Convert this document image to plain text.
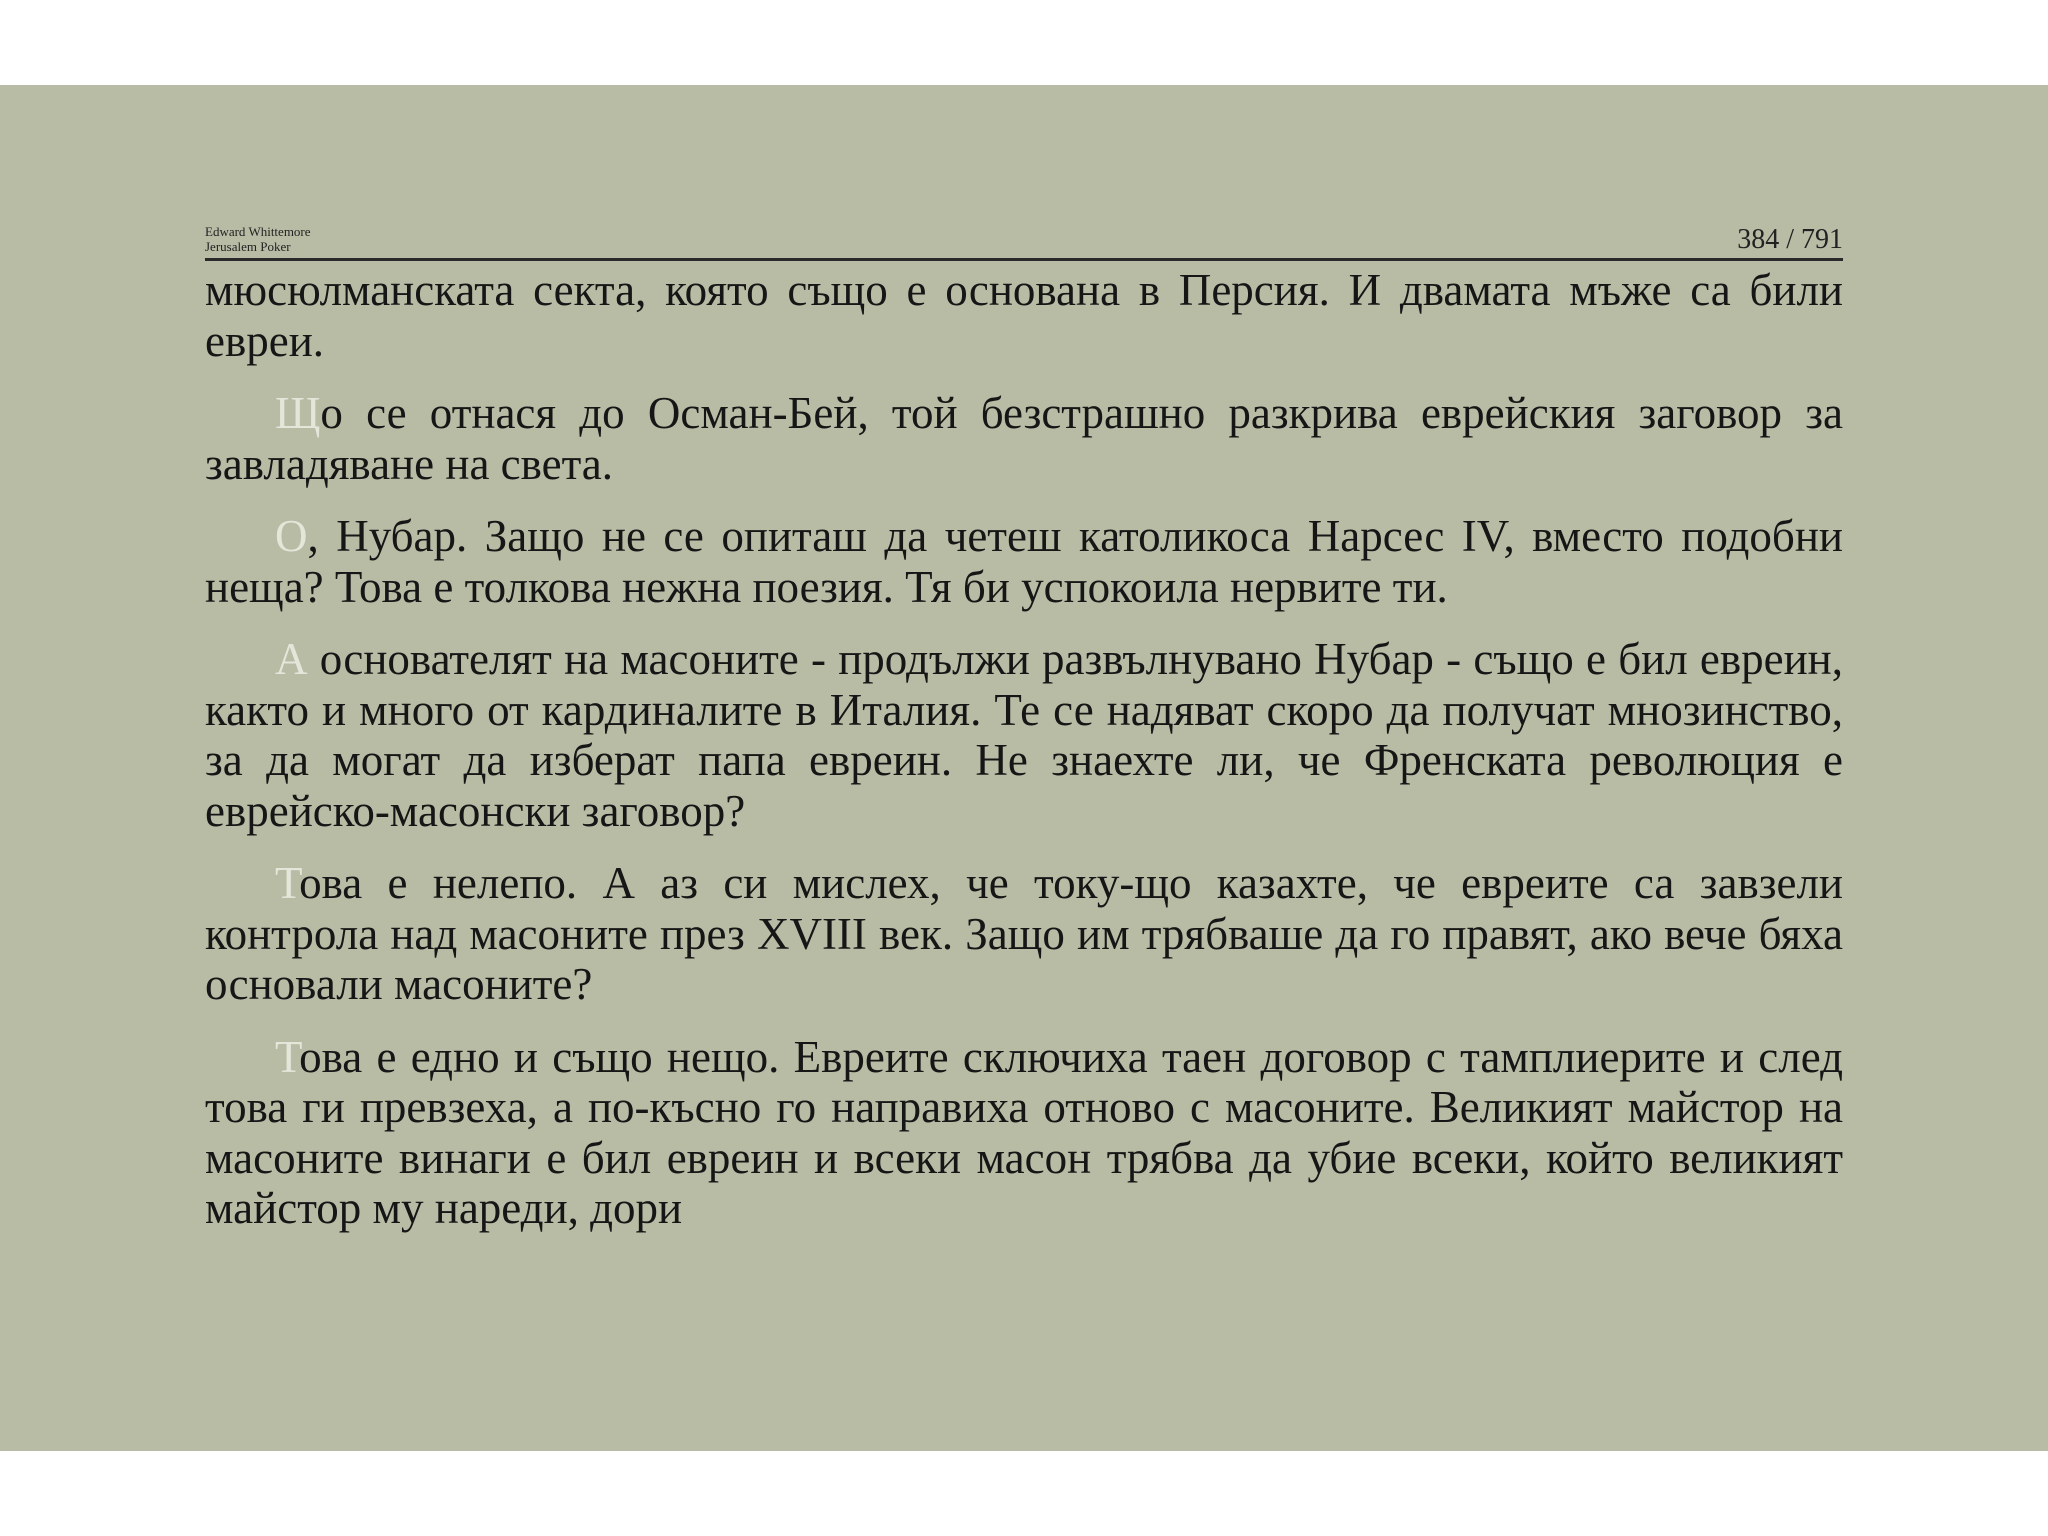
Edward Whittemore
Jerusalem Poker	384 / 791

мюсюлманската секта, която също е основана в Персия. И двамата мъже са били евреи.

Що се отнася до Осман-Бей, той безстрашно разкрива еврейския заговор за завладяване на света.

О, Нубар. Защо не се опиташ да четеш католикоса Нарсес IV, вместо подобни неща? Това е толкова нежна поезия. Тя би успокоила нервите ти.

А основателят на масоните - продължи развълнувано Нубар - също е бил евреин, както и много от кардиналите в Италия. Те се надяват скоро да получат мнозинство, за да могат да изберат папа евреин. Не знаехте ли, че Френската революция е еврейско-масонски заговор?

Това е нелепо. А аз си мислех, че току-що казахте, че евреите са завзели контрола над масоните през XVIII век. Защо им трябваше да го правят, ако вече бяха основали масоните?

Това е едно и също нещо. Евреите сключиха таен договор с тамплиерите и след това ги превзеха, а по-късно го направиха отново с масоните. Великият майстор на масоните винаги е бил евреин и всеки масон трябва да убие всеки, който великият майстор му нареди, дори
